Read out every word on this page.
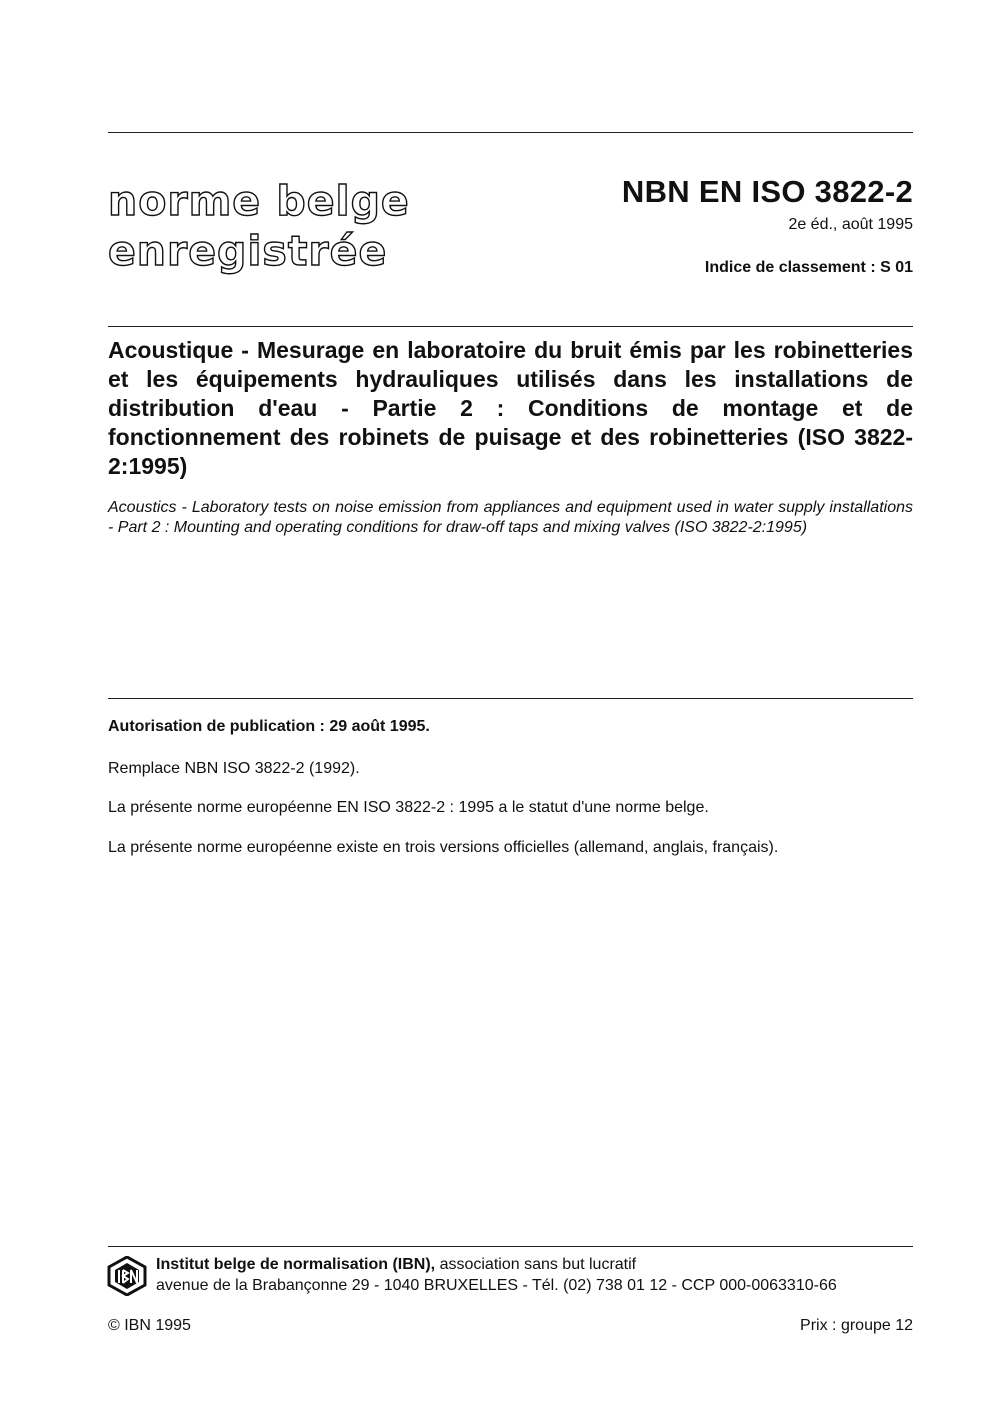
norme belge
enregistrée
NBN EN ISO 3822-2
2e éd., août 1995
Indice de classement : S 01
Acoustique - Mesurage en laboratoire du bruit émis par les robinetteries et les équipements hydrauliques utilisés dans les installations de distribution d'eau - Partie 2 : Conditions de montage et de fonctionnement des robinets de puisage et des robinetteries (ISO 3822-2:1995)
Acoustics - Laboratory tests on noise emission from appliances and equipment used in water supply installations - Part 2 : Mounting and operating conditions for draw-off taps and mixing valves (ISO 3822-2:1995)
Autorisation de publication : 29 août 1995.
Remplace NBN ISO 3822-2 (1992).
La présente norme européenne EN ISO 3822-2 : 1995 a le statut d'une norme belge.
La présente norme européenne existe en trois versions officielles (allemand, anglais, français).
Institut belge de normalisation (IBN), association sans but lucratif
avenue de la Brabançonne 29 - 1040 BRUXELLES - Tél. (02) 738 01 12 - CCP 000-0063310-66
© IBN 1995	Prix : groupe 12
